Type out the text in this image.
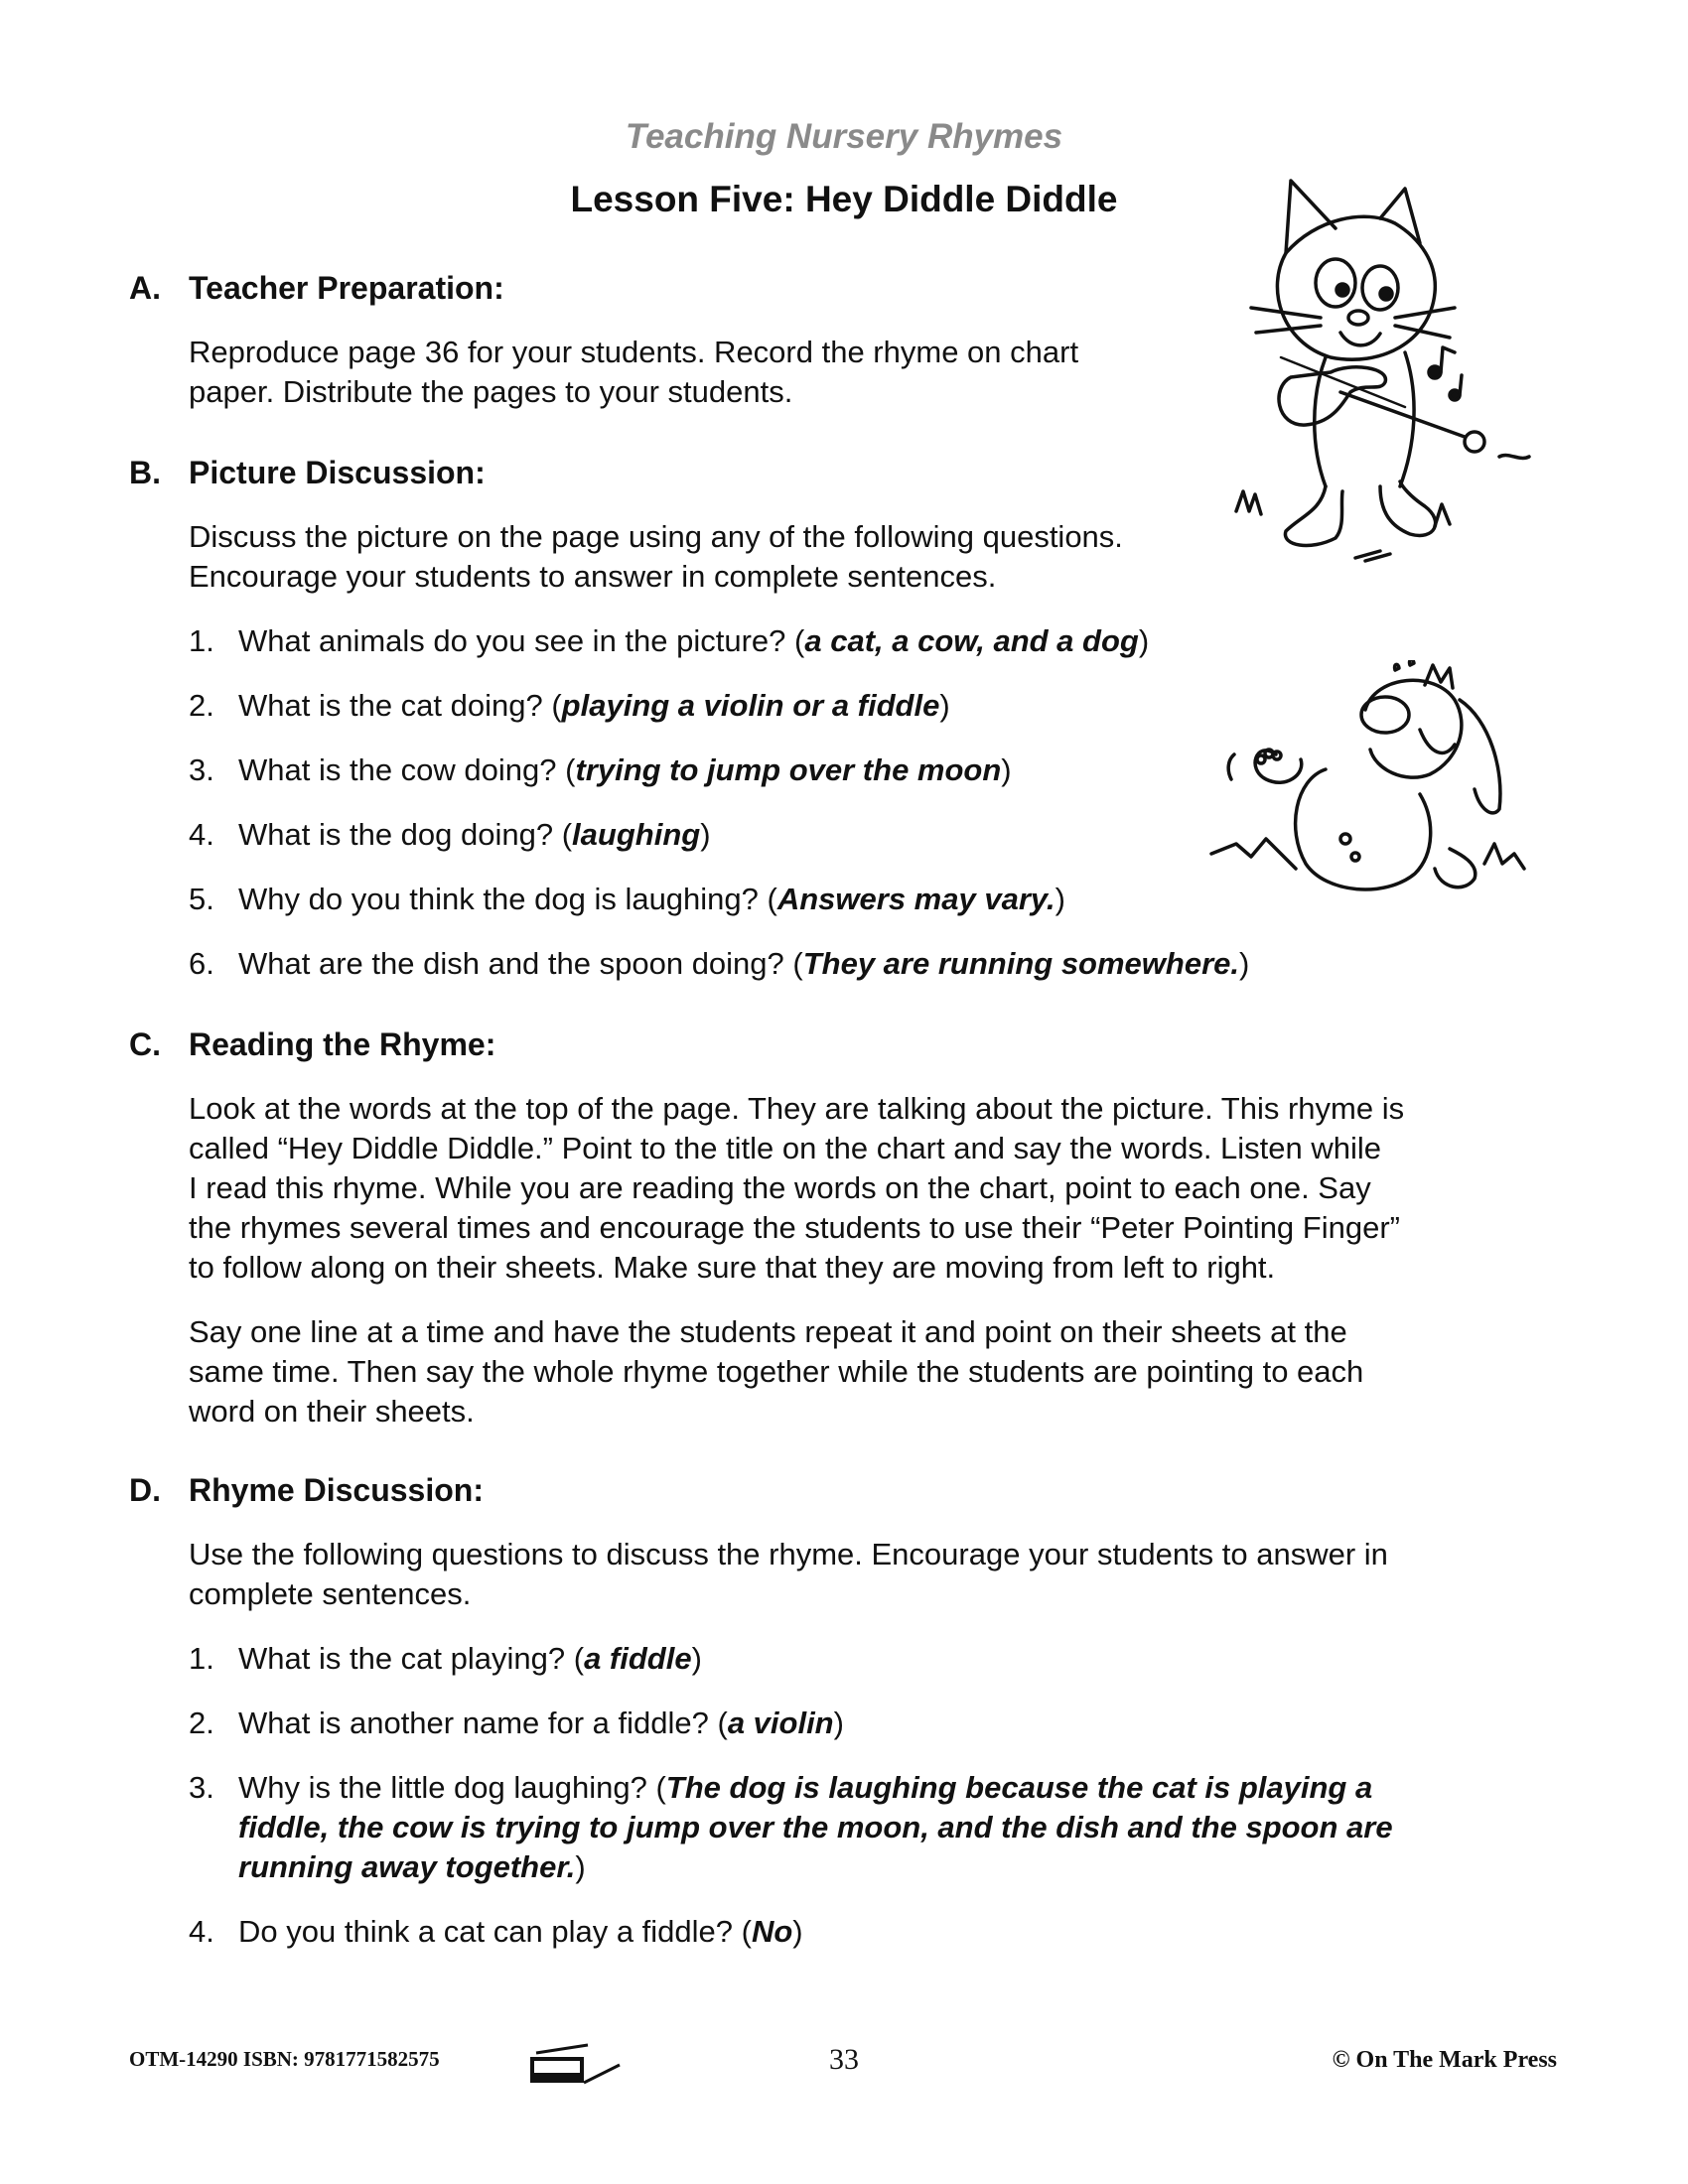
Teaching Nursery Rhymes
Lesson Five: Hey Diddle Diddle
A. Teacher Preparation:
Reproduce page 36 for your students. Record the rhyme on chart
paper. Distribute the pages to your students.
B. Picture Discussion:
Discuss the picture on the page using any of the following questions.
Encourage your students to answer in complete sentences.
1. What animals do you see in the picture? (a cat, a cow, and a dog)
2. What is the cat doing? (playing a violin or a fiddle)
3. What is the cow doing? (trying to jump over the moon)
4. What is the dog doing? (laughing)
5. Why do you think the dog is laughing? (Answers may vary.)
6. What are the dish and the spoon doing? (They are running somewhere.)
C. Reading the Rhyme:
Look at the words at the top of the page. They are talking about the picture. This rhyme is
called “Hey Diddle Diddle.” Point to the title on the chart and say the words. Listen while
I read this rhyme. While you are reading the words on the chart, point to each one. Say
the rhymes several times and encourage the students to use their “Peter Pointing Finger”
to follow along on their sheets. Make sure that they are moving from left to right.
Say one line at a time and have the students repeat it and point on their sheets at the
same time. Then say the whole rhyme together while the students are pointing to each
word on their sheets.
D. Rhyme Discussion:
Use the following questions to discuss the rhyme. Encourage your students to answer in
complete sentences.
1. What is the cat playing? (a fiddle)
2. What is another name for a fiddle? (a violin)
3. Why is the little dog laughing? (The dog is laughing because the cat is playing a
fiddle, the cow is trying to jump over the moon, and the dish and the spoon are
running away together.)
4. Do you think a cat can play a fiddle? (No)
OTM-14290 ISBN: 9781771582575	33	© On The Mark Press
